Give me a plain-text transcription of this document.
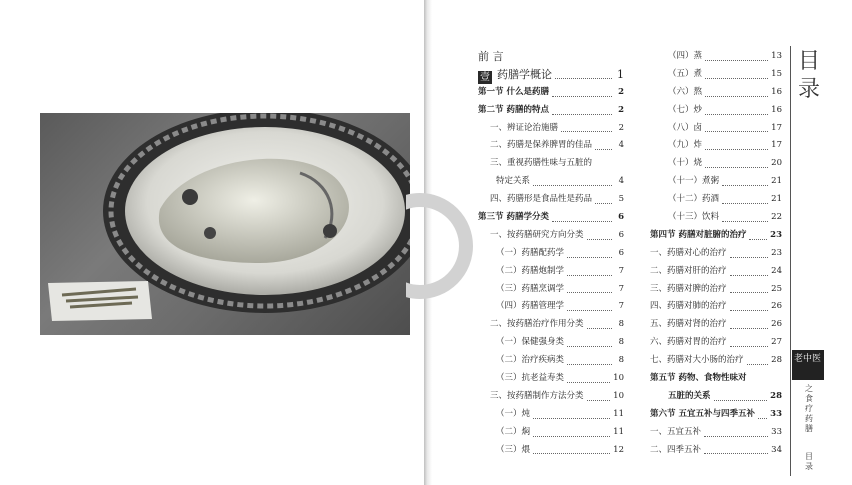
前 言
壹 药膳学概论	1
第一节 什么是药膳	2
第二节 药膳的特点	2
一、辨证论治施膳	2
二、药膳是保养脾胃的佳品	4
三、重视药膳性味与五脏的
特定关系	4
四、药膳形是食品性是药品	5
第三节 药膳学分类	6
一、按药膳研究方向分类	6
（一）药膳配药学	6
（二）药膳炮制学	7
（三）药膳烹调学	7
（四）药膳管理学	7
二、按药膳治疗作用分类	8
（一）保健强身类	8
（二）治疗疾病类	8
（三）抗老益寿类	10
三、按药膳制作方法分类	10
（一）炖	11
（二）焖	11
（三）煨	12
（四）蒸	13
（五）煮	15
（六）熬	16
（七）炒	16
（八）卤	17
（九）炸	17
（十）烧	20
（十一）煮粥	21
（十二）药酒	21
（十三）饮料	22
第四节 药膳对脏腑的治疗	23
一、药膳对心的治疗	23
二、药膳对肝的治疗	24
三、药膳对脾的治疗	25
四、药膳对肺的治疗	26
五、药膳对肾的治疗	26
六、药膳对胃的治疗	27
七、药膳对大小肠的治疗	28
第五节 药物、食物性味对
五脏的关系	28
第六节 五宜五补与四季五补 33
一、五宜五补	33
二、四季五补	34
目
录
老中医
之
食
疗
药
膳
目
录
